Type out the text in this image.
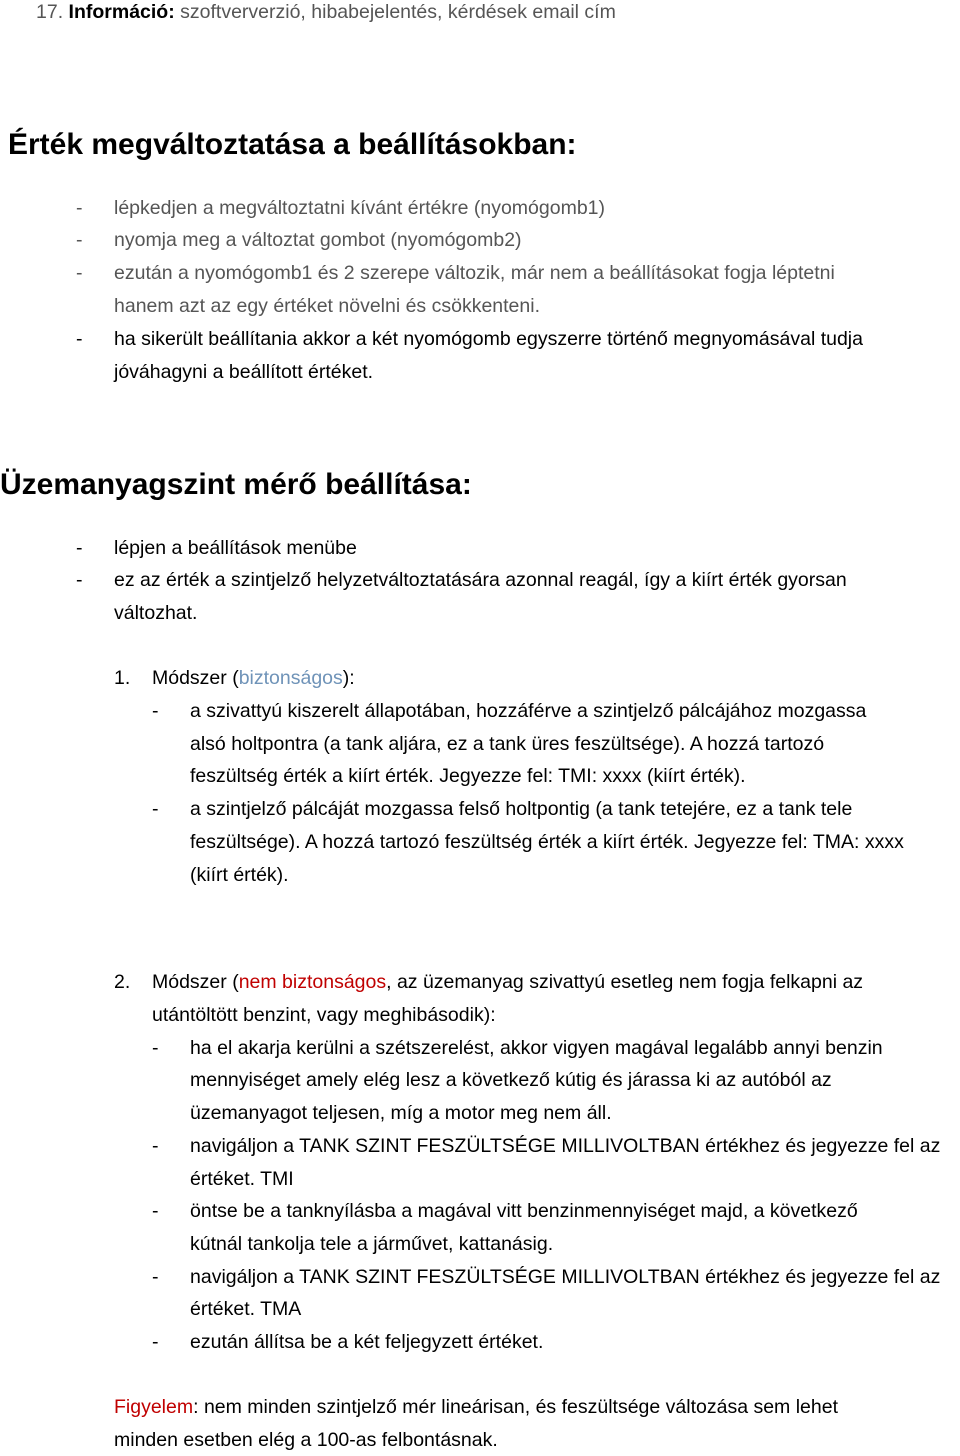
17. Információ: szoftververzió, hibabejelentés, kérdések email cím
Érték megváltoztatása a beállításokban:
- lépkedjen a megváltoztatni kívánt értékre (nyomógomb1)
- nyomja meg a változtat gombot (nyomógomb2)
- ezután a nyomógomb1 és 2 szerepe változik, már nem a beállításokat fogja léptetni
hanem azt az egy értéket növelni és csökkenteni.
- ha sikerült beállítania akkor a két nyomógomb egyszerre történő megnyomásával tudja
jóváhagyni a beállított értéket.
Üzemanyagszint mérő beállítása:
- lépjen a beállítások menübe
- ez az érték a szintjelző helyzetváltoztatására azonnal reagál, így a kiírt érték gyorsan
változhat.
1. Módszer (biztonságos):
- a szivattyú kiszerelt állapotában, hozzáférve a szintjelző pálcájához mozgassa
alsó holtpontra (a tank aljára, ez a tank üres feszültsége). A hozzá tartozó
feszültség érték a kiírt érték. Jegyezze fel: TMI: xxxx (kiírt érték).
- a szintjelző pálcáját mozgassa felső holtpontig (a tank tetejére, ez a tank tele
feszültsége). A hozzá tartozó feszültség érték a kiírt érték. Jegyezze fel: TMA: xxxx
(kiírt érték).
2. Módszer (nem biztonságos, az üzemanyag szivattyú esetleg nem fogja felkapni az
utántöltött benzint, vagy meghibásodik):
- ha el akarja kerülni a szétszerelést, akkor vigyen magával legalább annyi benzin
mennyiséget amely elég lesz a következő kútig és járassa ki az autóból az
üzemanyagot teljesen, míg a motor meg nem áll.
- navigáljon a TANK SZINT FESZÜLTSÉGE MILLIVOLTBAN értékhez és jegyezze fel az
értéket. TMI
- öntse be a tanknyílásba a magával vitt benzinmennyiséget majd, a következő
kútnál tankolja tele a járművet, kattanásig.
- navigáljon a TANK SZINT FESZÜLTSÉGE MILLIVOLTBAN értékhez és jegyezze fel az
értéket. TMA
- ezután állítsa be a két feljegyzett értéket.
Figyelem: nem minden szintjelző mér lineárisan, és feszültsége változása sem lehet
minden esetben elég a 100-as felbontásnak.
